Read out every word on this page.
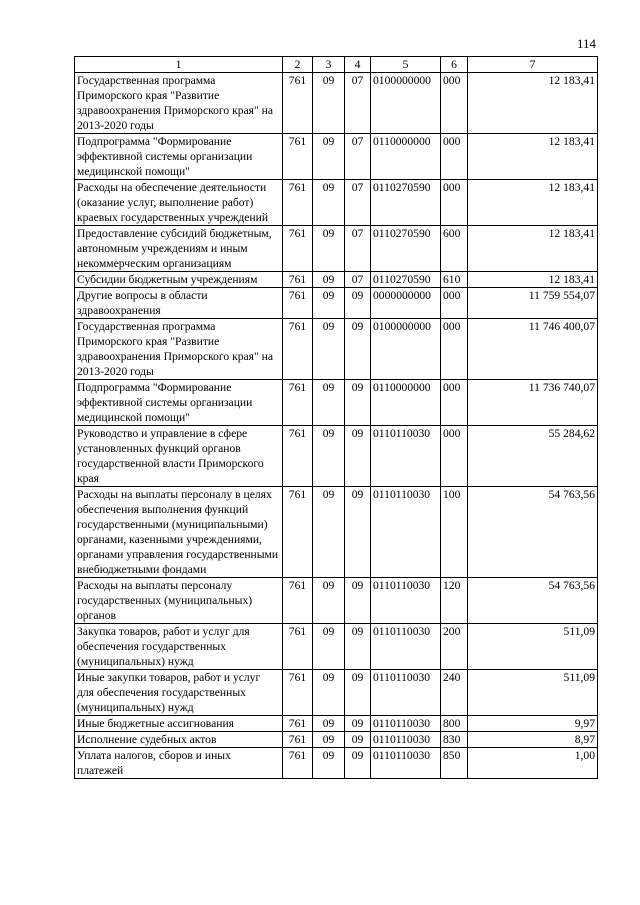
114
1	2	3	4	5	6	7
Государственная программа Приморского края "Развитие здравоохранения Приморского края" на 2013-2020 годы	761	09	07	0100000000	000	12 183,41
Подпрограмма "Формирование эффективной системы организации медицинской помощи"	761	09	07	0110000000	000	12 183,41
Расходы на обеспечение деятельности (оказание услуг, выполнение работ) краевых государственных учреждений	761	09	07	0110270590	000	12 183,41
Предоставление субсидий бюджетным, автономным учреждениям и иным некоммерческим организациям	761	09	07	0110270590	600	12 183,41
Субсидии бюджетным учреждениям	761	09	07	0110270590	610	12 183,41
Другие вопросы в области здравоохранения	761	09	09	0000000000	000	11 759 554,07
Государственная программа Приморского края "Развитие здравоохранения Приморского края" на 2013-2020 годы	761	09	09	0100000000	000	11 746 400,07
Подпрограмма "Формирование эффективной системы организации медицинской помощи"	761	09	09	0110000000	000	11 736 740,07
Руководство и управление в сфере установленных функций органов государственной власти Приморского края	761	09	09	0110110030	000	55 284,62
Расходы на выплаты персоналу в целях обеспечения выполнения функций государственными (муниципальными) органами, казенными учреждениями, органами управления государственными внебюджетными фондами	761	09	09	0110110030	100	54 763,56
Расходы на выплаты персоналу государственных (муниципальных) органов	761	09	09	0110110030	120	54 763,56
Закупка товаров, работ и услуг для обеспечения государственных (муниципальных) нужд	761	09	09	0110110030	200	511,09
Иные закупки товаров, работ и услуг для обеспечения государственных (муниципальных) нужд	761	09	09	0110110030	240	511,09
Иные бюджетные ассигнования	761	09	09	0110110030	800	9,97
Исполнение судебных актов	761	09	09	0110110030	830	8,97
Уплата налогов, сборов и иных платежей	761	09	09	0110110030	850	1,00
